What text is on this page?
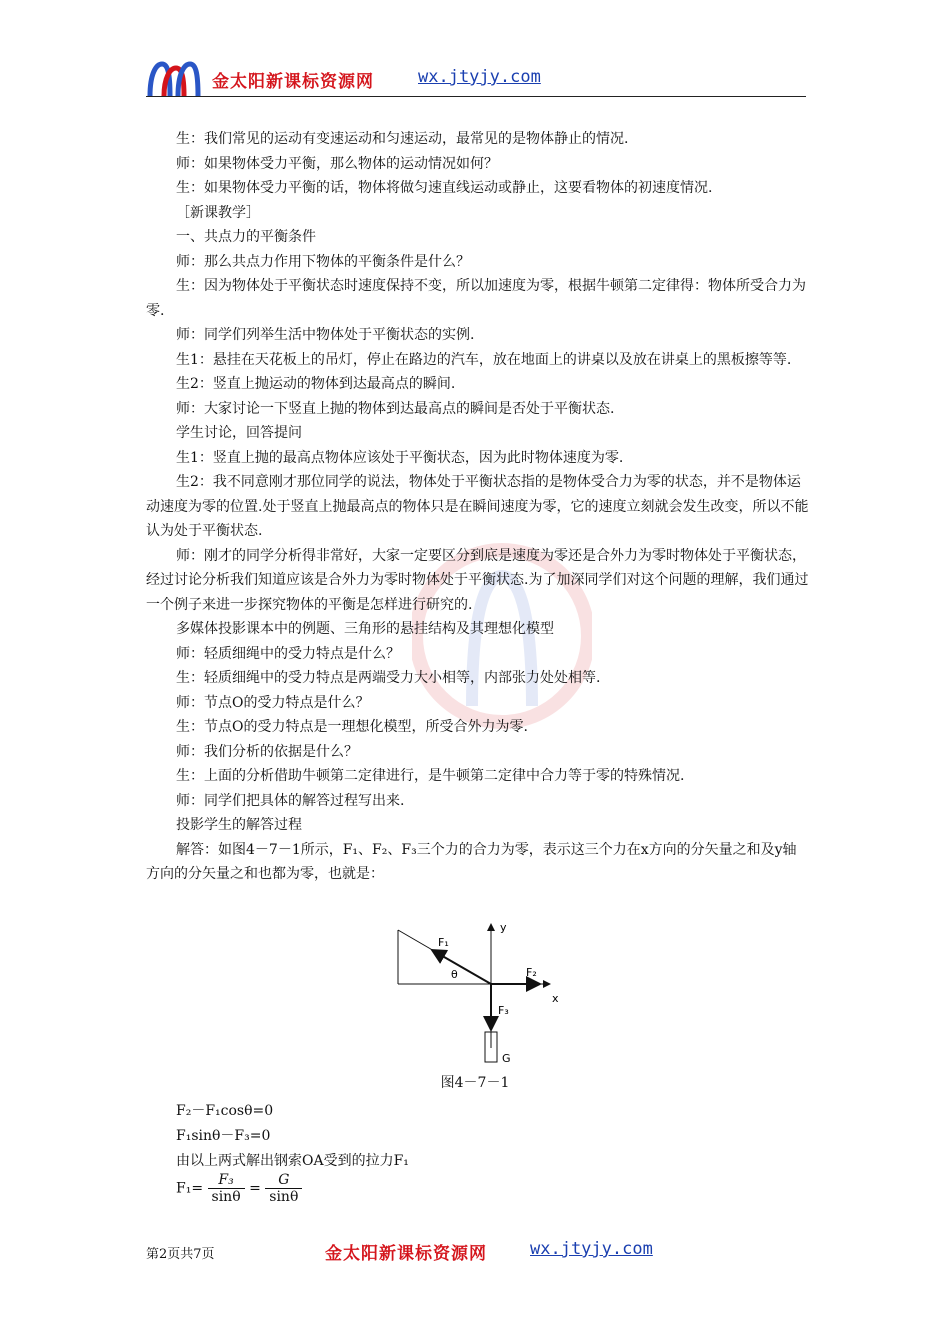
金太阳新课标资源网	wx.jtyjy.com

生：我们常见的运动有变速运动和匀速运动，最常见的是物体静止的情况.

师：如果物体受力平衡，那么物体的运动情况如何？

生：如果物体受力平衡的话，物体将做匀速直线运动或静止，这要看物体的初速度情况.

［新课教学］

一、共点力的平衡条件

师：那么共点力作用下物体的平衡条件是什么？

生：因为物体处于平衡状态时速度保持不变，所以加速度为零，根据牛顿第二定律得：物体所受合力为零.

师：同学们列举生活中物体处于平衡状态的实例.

生1：悬挂在天花板上的吊灯，停止在路边的汽车，放在地面上的讲桌以及放在讲桌上的黑板擦等等.

生2：竖直上抛运动的物体到达最高点的瞬间.

师：大家讨论一下竖直上抛的物体到达最高点的瞬间是否处于平衡状态.

学生讨论，回答提问

生1：竖直上抛的最高点物体应该处于平衡状态，因为此时物体速度为零.

生2：我不同意刚才那位同学的说法，物体处于平衡状态指的是物体受合力为零的状态，并不是物体运动速度为零的位置.处于竖直上抛最高点的物体只是在瞬间速度为零，它的速度立刻就会发生改变，所以不能认为处于平衡状态.

师：刚才的同学分析得非常好，大家一定要区分到底是速度为零还是合外力为零时物体处于平衡状态，经过讨论分析我们知道应该是合外力为零时物体处于平衡状态.为了加深同学们对这个问题的理解，我们通过一个例子来进一步探究物体的平衡是怎样进行研究的.

多媒体投影课本中的例题、三角形的悬挂结构及其理想化模型

师：轻质细绳中的受力特点是什么？

生：轻质细绳中的受力特点是两端受力大小相等，内部张力处处相等.

师：节点O的受力特点是什么？

生：节点O的受力特点是一理想化模型，所受合外力为零.

师：我们分析的依据是什么？

生：上面的分析借助牛顿第二定律进行，是牛顿第二定律中合力等于零的特殊情况.

师：同学们把具体的解答过程写出来.

投影学生的解答过程

解答：如图4－7－1所示，F₁、F₂、F₃三个力的合力为零，表示这三个力在x方向的分矢量之和及y轴方向的分矢量之和也都为零，也就是：

y
x
F₁
F₂
F₃
θ
G
图4－7－1
F₂－F₁cosθ=0
F₁sinθ－F₃=0
由以上两式解出钢索OA受到的拉力F₁
$F_1= \frac{\text{F₃}}{\sin\theta} = \frac{G}{\sin\theta}$
第2页共7页	金太阳新课标资源网	wx.jtyjy.com
